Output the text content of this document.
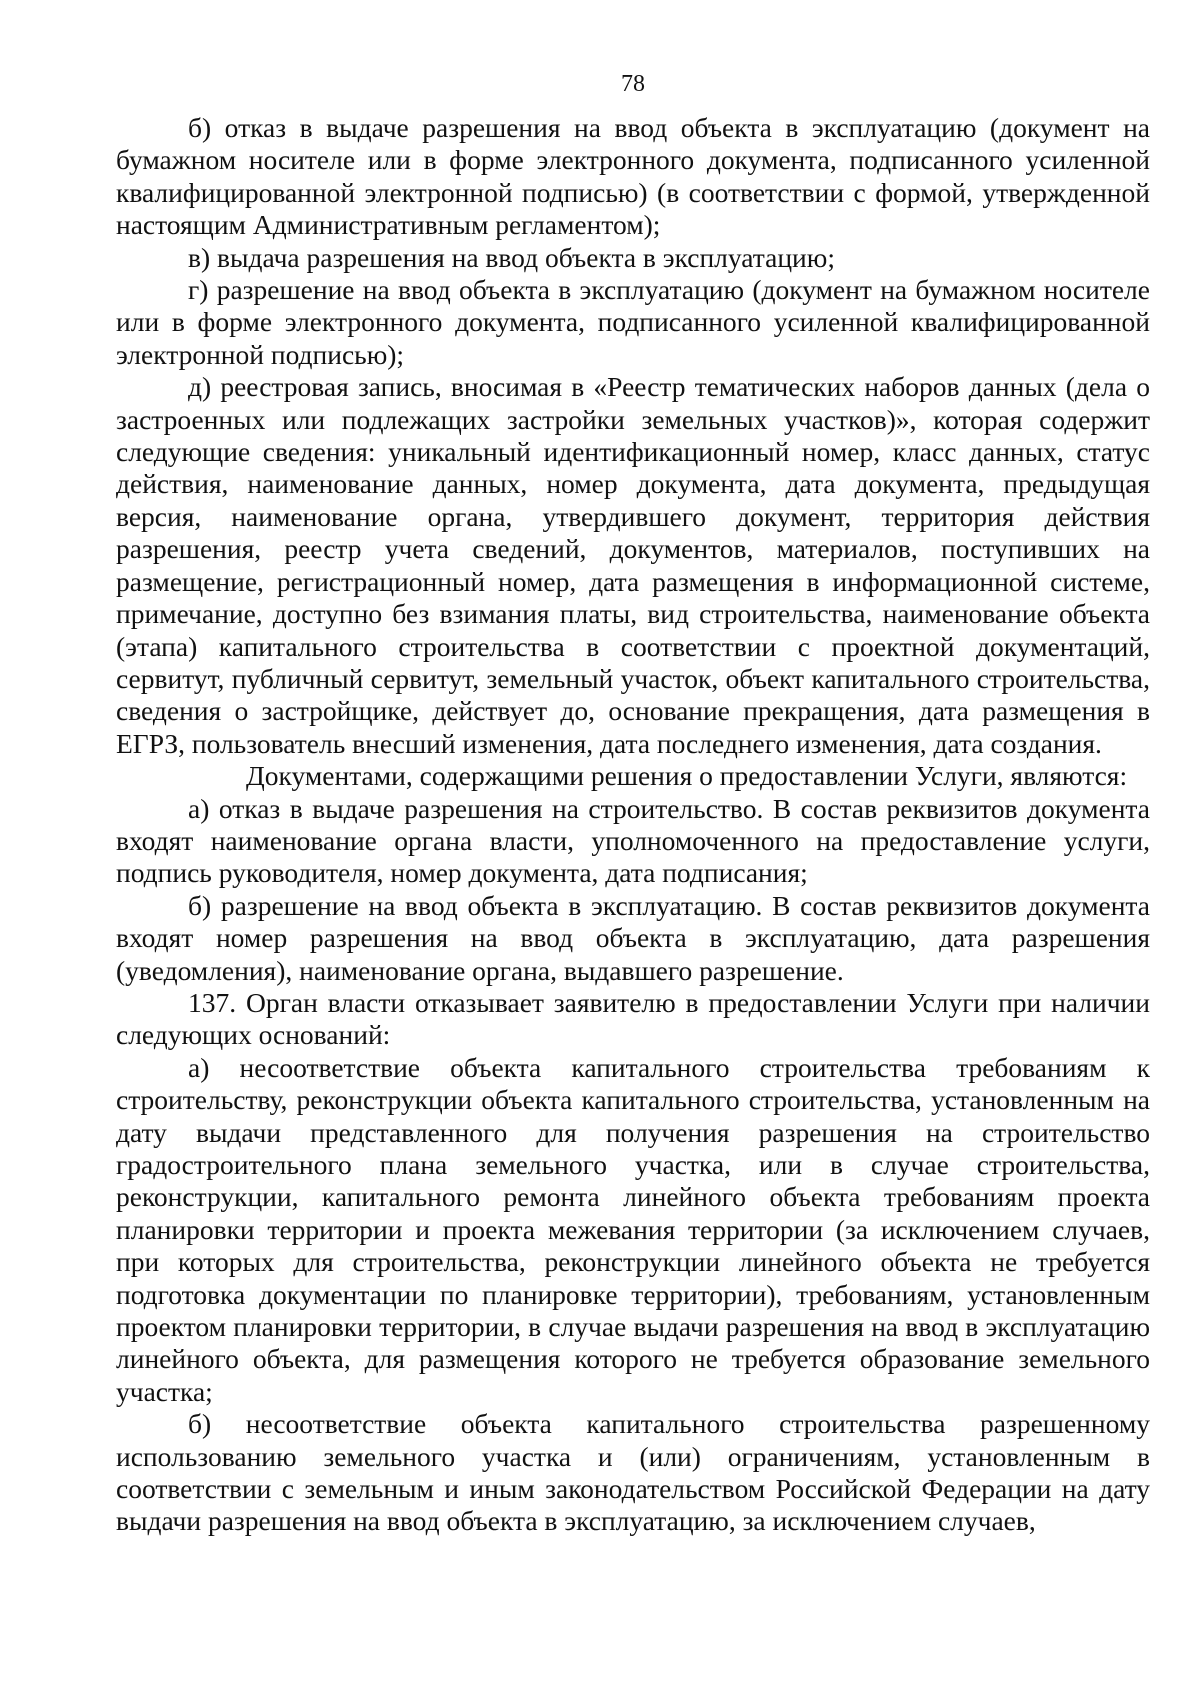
78

б) отказ в выдаче разрешения на ввод объекта в эксплуатацию (документ на бумажном носителе или в форме электронного документа, подписанного усиленной квалифицированной электронной подписью) (в соответствии с формой, утвержденной настоящим Административным регламентом);

в) выдача разрешения на ввод объекта в эксплуатацию;

г) разрешение на ввод объекта в эксплуатацию (документ на бумажном носителе или в форме электронного документа, подписанного усиленной квалифицированной электронной подписью);

д) реестровая запись, вносимая в «Реестр тематических наборов данных (дела о застроенных или подлежащих застройки земельных участков)», которая содержит следующие сведения: уникальный идентификационный номер, класс данных, статус действия, наименование данных, номер документа, дата документа, предыдущая версия, наименование органа, утвердившего документ, территория действия разрешения, реестр учета сведений, документов, материалов, поступивших на размещение, регистрационный номер, дата размещения в информационной системе, примечание, доступно без взимания платы, вид строительства, наименование объекта (этапа) капитального строительства в соответствии с проектной документаций, сервитут, публичный сервитут, земельный участок, объект капитального строительства, сведения о застройщике, действует до, основание прекращения, дата размещения в ЕГРЗ, пользователь внесший изменения, дата последнего изменения, дата создания.

Документами, содержащими решения о предоставлении Услуги, являются:

а) отказ в выдаче разрешения на строительство. В состав реквизитов документа входят наименование органа власти, уполномоченного на предоставление услуги, подпись руководителя, номер документа, дата подписания;

б) разрешение на ввод объекта в эксплуатацию. В состав реквизитов документа входят номер разрешения на ввод объекта в эксплуатацию, дата разрешения (уведомления), наименование органа, выдавшего разрешение.

137. Орган власти отказывает заявителю в предоставлении Услуги при наличии следующих оснований:

а) несоответствие объекта капитального строительства требованиям к строительству, реконструкции объекта капитального строительства, установленным на дату выдачи представленного для получения разрешения на строительство градостроительного плана земельного участка, или в случае строительства, реконструкции, капитального ремонта линейного объекта требованиям проекта планировки территории и проекта межевания территории (за исключением случаев, при которых для строительства, реконструкции линейного объекта не требуется подготовка документации по планировке территории), требованиям, установленным проектом планировки территории, в случае выдачи разрешения на ввод в эксплуатацию линейного объекта, для размещения которого не требуется образование земельного участка;

б) несоответствие объекта капитального строительства разрешенному использованию земельного участка и (или) ограничениям, установленным в соответствии с земельным и иным законодательством Российской Федерации на дату выдачи разрешения на ввод объекта в эксплуатацию, за исключением случаев,
